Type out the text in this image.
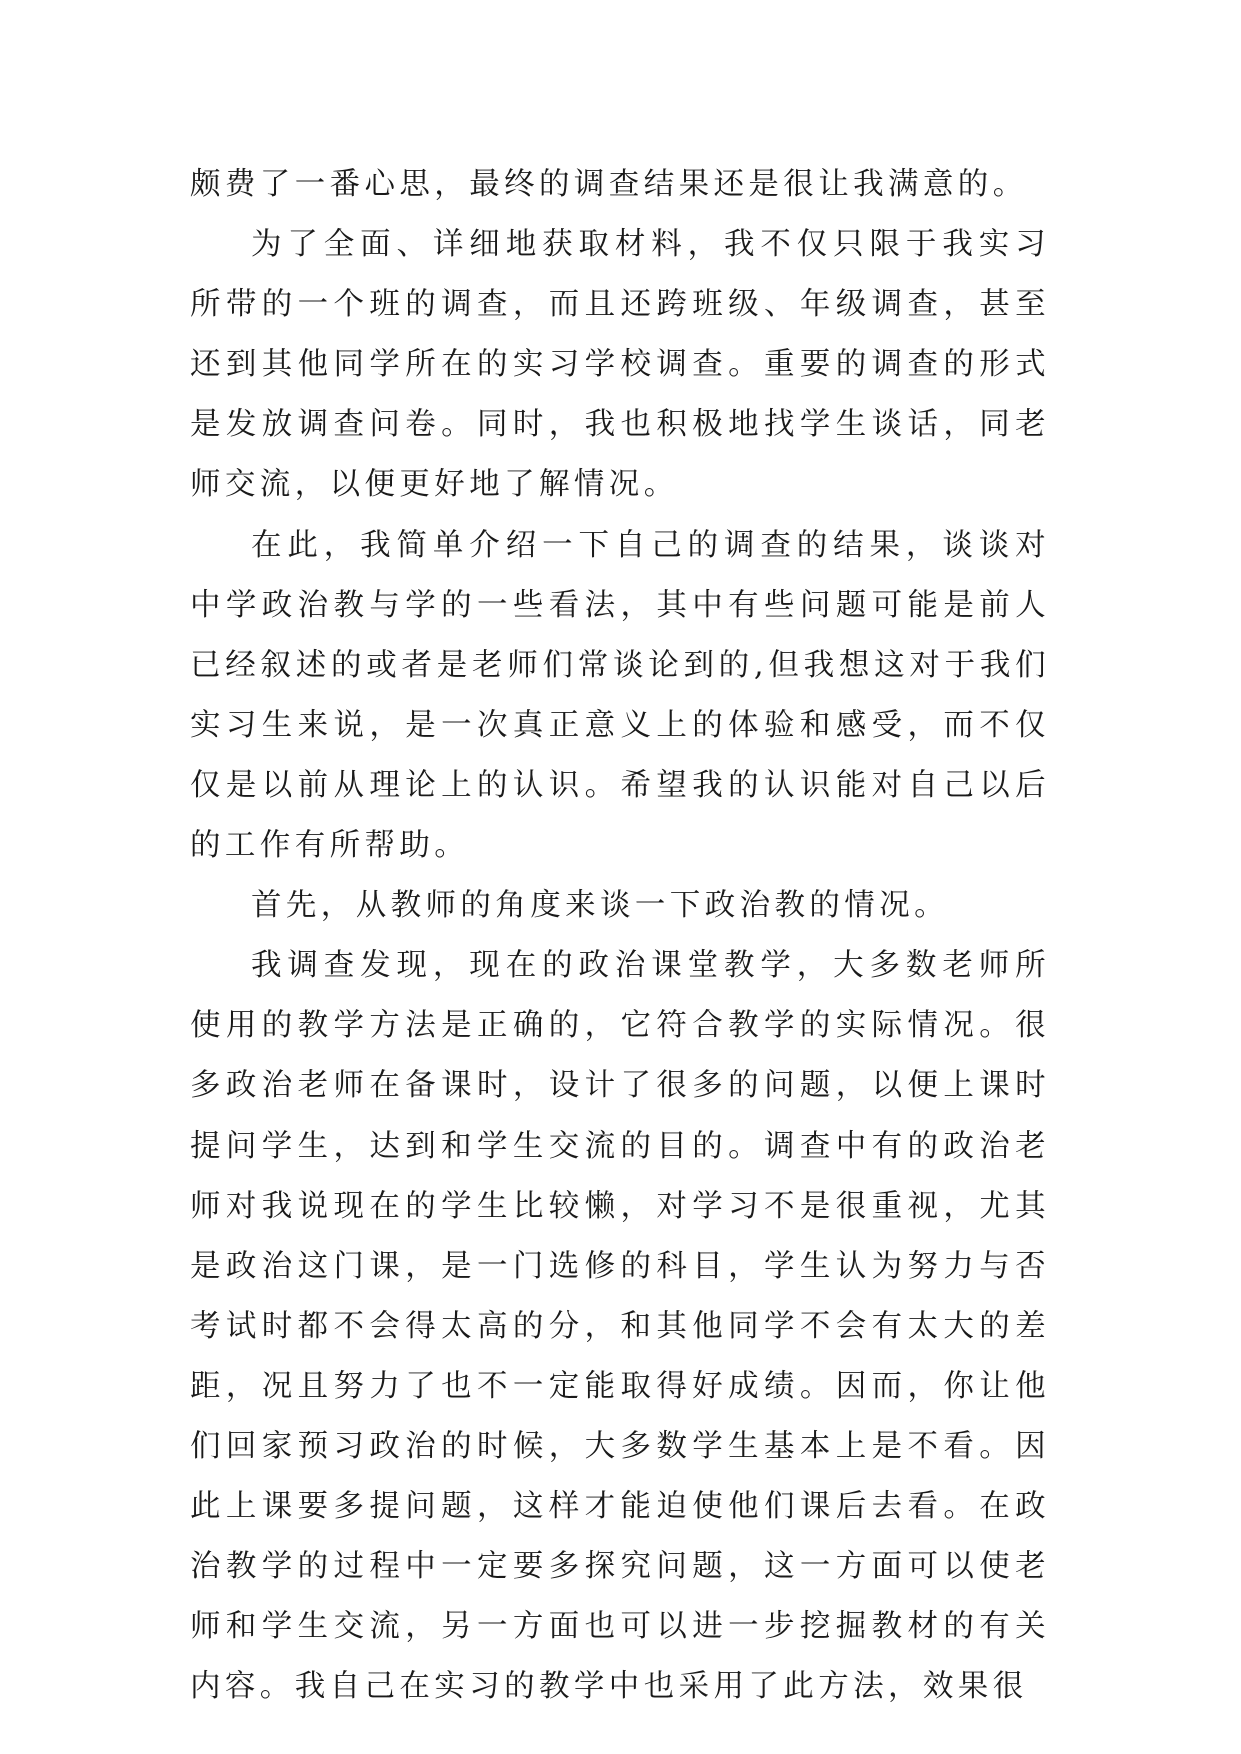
颇费了一番心思，最终的调查结果还是很让我满意的。

为了全面、详细地获取材料，我不仅只限于我实习所带的一个班的调查，而且还跨班级、年级调查，甚至还到其他同学所在的实习学校调查。重要的调查的形式是发放调查问卷。同时，我也积极地找学生谈话，同老师交流，以便更好地了解情况。

在此，我简单介绍一下自己的调查的结果，谈谈对中学政治教与学的一些看法，其中有些问题可能是前人已经叙述的或者是老师们常谈论到的,但我想这对于我们实习生来说，是一次真正意义上的体验和感受，而不仅仅是以前从理论上的认识。希望我的认识能对自己以后的工作有所帮助。

首先，从教师的角度来谈一下政治教的情况。

我调查发现，现在的政治课堂教学，大多数老师所使用的教学方法是正确的，它符合教学的实际情况。很多政治老师在备课时，设计了很多的问题，以便上课时提问学生，达到和学生交流的目的。调查中有的政治老师对我说现在的学生比较懒，对学习不是很重视，尤其是政治这门课，是一门选修的科目，学生认为努力与否考试时都不会得太高的分，和其他同学不会有太大的差距，况且努力了也不一定能取得好成绩。因而，你让他们回家预习政治的时候，大多数学生基本上是不看。因此上课要多提问题，这样才能迫使他们课后去看。在政治教学的过程中一定要多探究问题，这一方面可以使老师和学生交流，另一方面也可以进一步挖掘教材的有关内容。我自己在实习的教学中也采用了此方法，效果很
